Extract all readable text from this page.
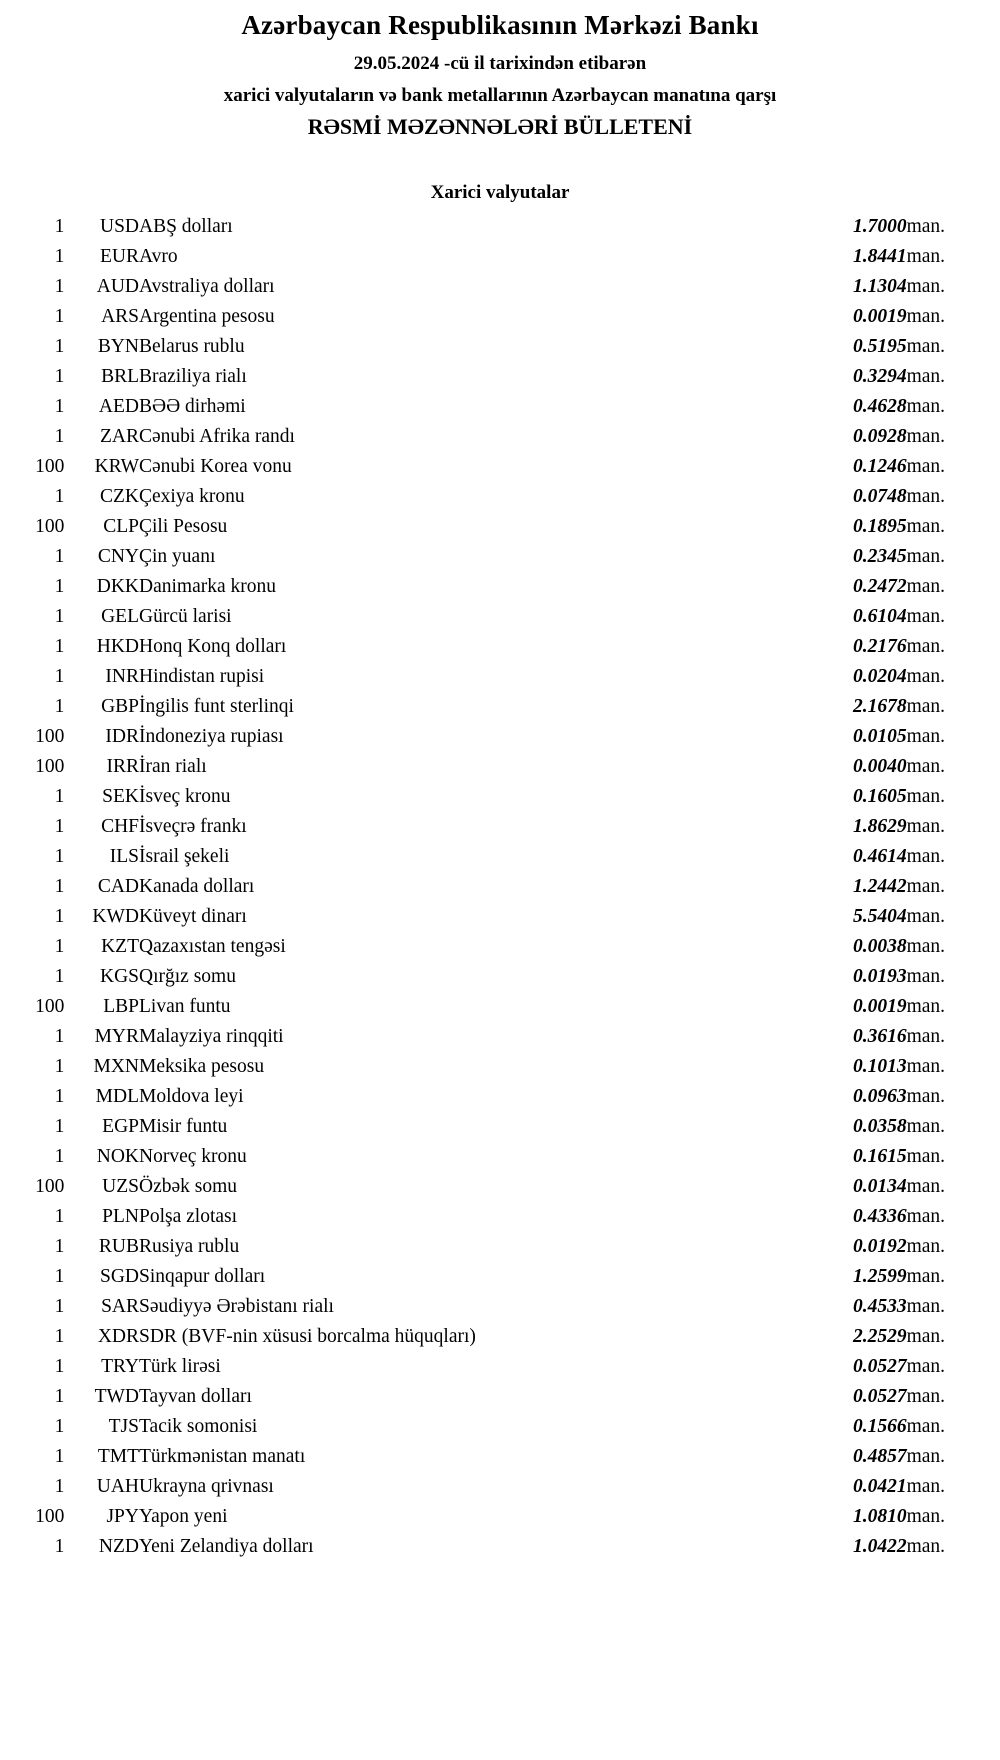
Azərbaycan Respublikasının Mərkəzi Bankı
29.05.2024 -cü il tarixindən etibarən
xarici valyutaların və bank metallarının Azərbaycan manatına qarşı
RƏSMİ MƏZƏNNƏLƏRİ BÜLLETENİ
Xarici valyutalar
1	USD	ABŞ dolları	1.7000	man.
1	EUR	Avro	1.8441	man.
1	AUD	Avstraliya dolları	1.1304	man.
1	ARS	Argentina pesosu	0.0019	man.
1	BYN	Belarus rublu	0.5195	man.
1	BRL	Braziliya rialı	0.3294	man.
1	AED	BƏƏ dirhəmi	0.4628	man.
1	ZAR	Cənubi Afrika randı	0.0928	man.
100	KRW	Cənubi Korea vonu	0.1246	man.
1	CZK	Çexiya kronu	0.0748	man.
100	CLP	Çili Pesosu	0.1895	man.
1	CNY	Çin yuanı	0.2345	man.
1	DKK	Danimarka kronu	0.2472	man.
1	GEL	Gürcü larisi	0.6104	man.
1	HKD	Honq Konq dolları	0.2176	man.
1	INR	Hindistan rupisi	0.0204	man.
1	GBP	İngilis funt sterlinqi	2.1678	man.
100	IDR	İndoneziya rupiası	0.0105	man.
100	IRR	İran rialı	0.0040	man.
1	SEK	İsveç kronu	0.1605	man.
1	CHF	İsveçrə frankı	1.8629	man.
1	ILS	İsrail şekeli	0.4614	man.
1	CAD	Kanada dolları	1.2442	man.
1	KWD	Küveyt dinarı	5.5404	man.
1	KZT	Qazaxıstan tengəsi	0.0038	man.
1	KGS	Qırğız somu	0.0193	man.
100	LBP	Livan funtu	0.0019	man.
1	MYR	Malayziya rinqqiti	0.3616	man.
1	MXN	Meksika pesosu	0.1013	man.
1	MDL	Moldova leyi	0.0963	man.
1	EGP	Misir funtu	0.0358	man.
1	NOK	Norveç kronu	0.1615	man.
100	UZS	Özbək somu	0.0134	man.
1	PLN	Polşa zlotası	0.4336	man.
1	RUB	Rusiya rublu	0.0192	man.
1	SGD	Sinqapur dolları	1.2599	man.
1	SAR	Səudiyyə Ərəbistanı rialı	0.4533	man.
1	XDR	SDR (BVF-nin xüsusi borcalma hüquqları)	2.2529	man.
1	TRY	Türk lirəsi	0.0527	man.
1	TWD	Tayvan dolları	0.0527	man.
1	TJS	Tacik somonisi	0.1566	man.
1	TMT	Türkmənistan manatı	0.4857	man.
1	UAH	Ukrayna qrivnası	0.0421	man.
100	JPY	Yapon yeni	1.0810	man.
1	NZD	Yeni Zelandiya dolları	1.0422	man.
